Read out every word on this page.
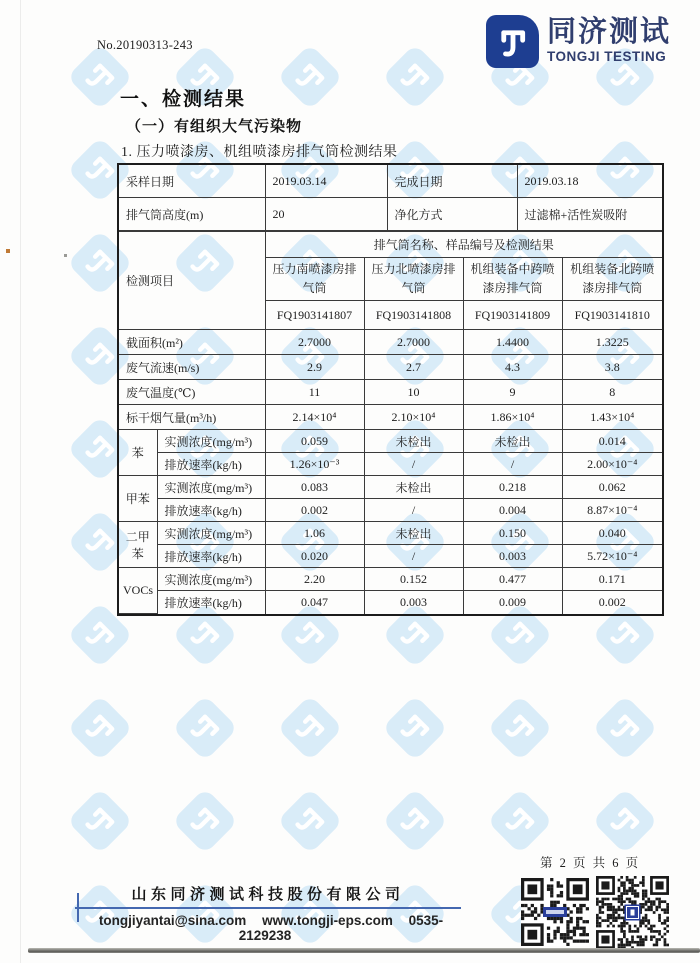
No.20190313-243	同济测试
TONGJI TESTING
一、检测结果
（一）有组织大气污染物
1. 压力喷漆房、机组喷漆房排气筒检测结果
采样日期	2019.03.14	完成日期	2019.03.18
排气筒高度(m)	20	净化方式	过滤棉+活性炭吸附
检测项目		排气筒名称、样品编号及检测结果			
		压力南喷漆房排气筒	压力北喷漆房排气筒	机组装备中跨喷漆房排气筒	机组装备北跨喷漆房排气筒
		FQ1903141807	FQ1903141808	FQ1903141809	FQ1903141810
截面积(m²)		2.7000	2.7000	1.4400	1.3225
废气流速(m/s)		2.9	2.7	4.3	3.8
废气温度(℃)		11	10	9	8
标干烟气量(m³/h)		2.14×10⁴	2.10×10⁴	1.86×10⁴	1.43×10⁴
苯	实测浓度(mg/m³)	0.059	未检出	未检出	0.014
	排放速率(kg/h)	1.26×10⁻³	/	/	2.00×10⁻⁴
甲苯	实测浓度(mg/m³)	0.083	未检出	0.218	0.062
	排放速率(kg/h)	0.002	/	0.004	8.87×10⁻⁴
二甲苯	实测浓度(mg/m³)	1.06	未检出	0.150	0.040
	排放速率(kg/h)	0.020	/	0.003	5.72×10⁻⁴
VOCs	实测浓度(mg/m³)	2.20	0.152	0.477	0.171
	排放速率(kg/h)	0.047	0.003	0.009	0.002
第 2 页 共 6 页
山东同济测试科技股份有限公司
tongjiyantai@sina.com www.tongji-eps.com 0535-2129238
